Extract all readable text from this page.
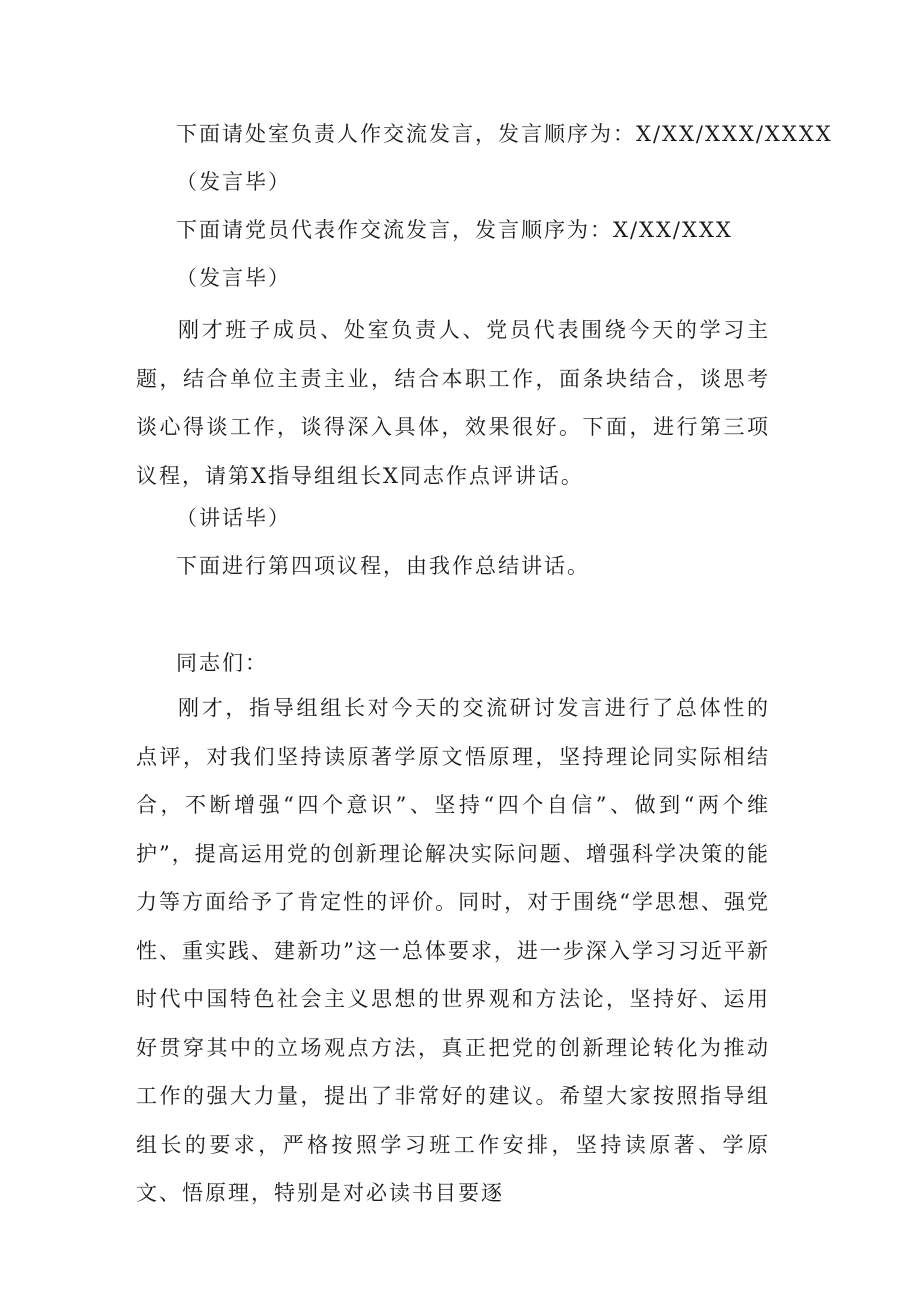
下面请处室负责人作交流发言，发言顺序为：X/XX/XXX/XXXX
（发言毕）
下面请党员代表作交流发言，发言顺序为：X/XX/XXX
（发言毕）
刚才班子成员、处室负责人、党员代表围绕今天的学习主题，结合单位主责主业，结合本职工作，面条块结合，谈思考谈心得谈工作，谈得深入具体，效果很好。下面，进行第三项议程，请第X指导组组长X同志作点评讲话。
（讲话毕）
下面进行第四项议程，由我作总结讲话。
同志们：
刚才，指导组组长对今天的交流研讨发言进行了总体性的点评，对我们坚持读原著学原文悟原理，坚持理论同实际相结合，不断增强“四个意识”、坚持“四个自信”、做到“两个维护”，提高运用党的创新理论解决实际问题、增强科学决策的能力等方面给予了肯定性的评价。同时，对于围绕“学思想、强党性、重实践、建新功”这一总体要求，进一步深入学习习近平新时代中国特色社会主义思想的世界观和方法论，坚持好、运用好贯穿其中的立场观点方法，真正把党的创新理论转化为推动工作的强大力量，提出了非常好的建议。希望大家按照指导组组长的要求，严格按照学习班工作安排，坚持读原著、学原文、悟原理，特别是对必读书目要逐
